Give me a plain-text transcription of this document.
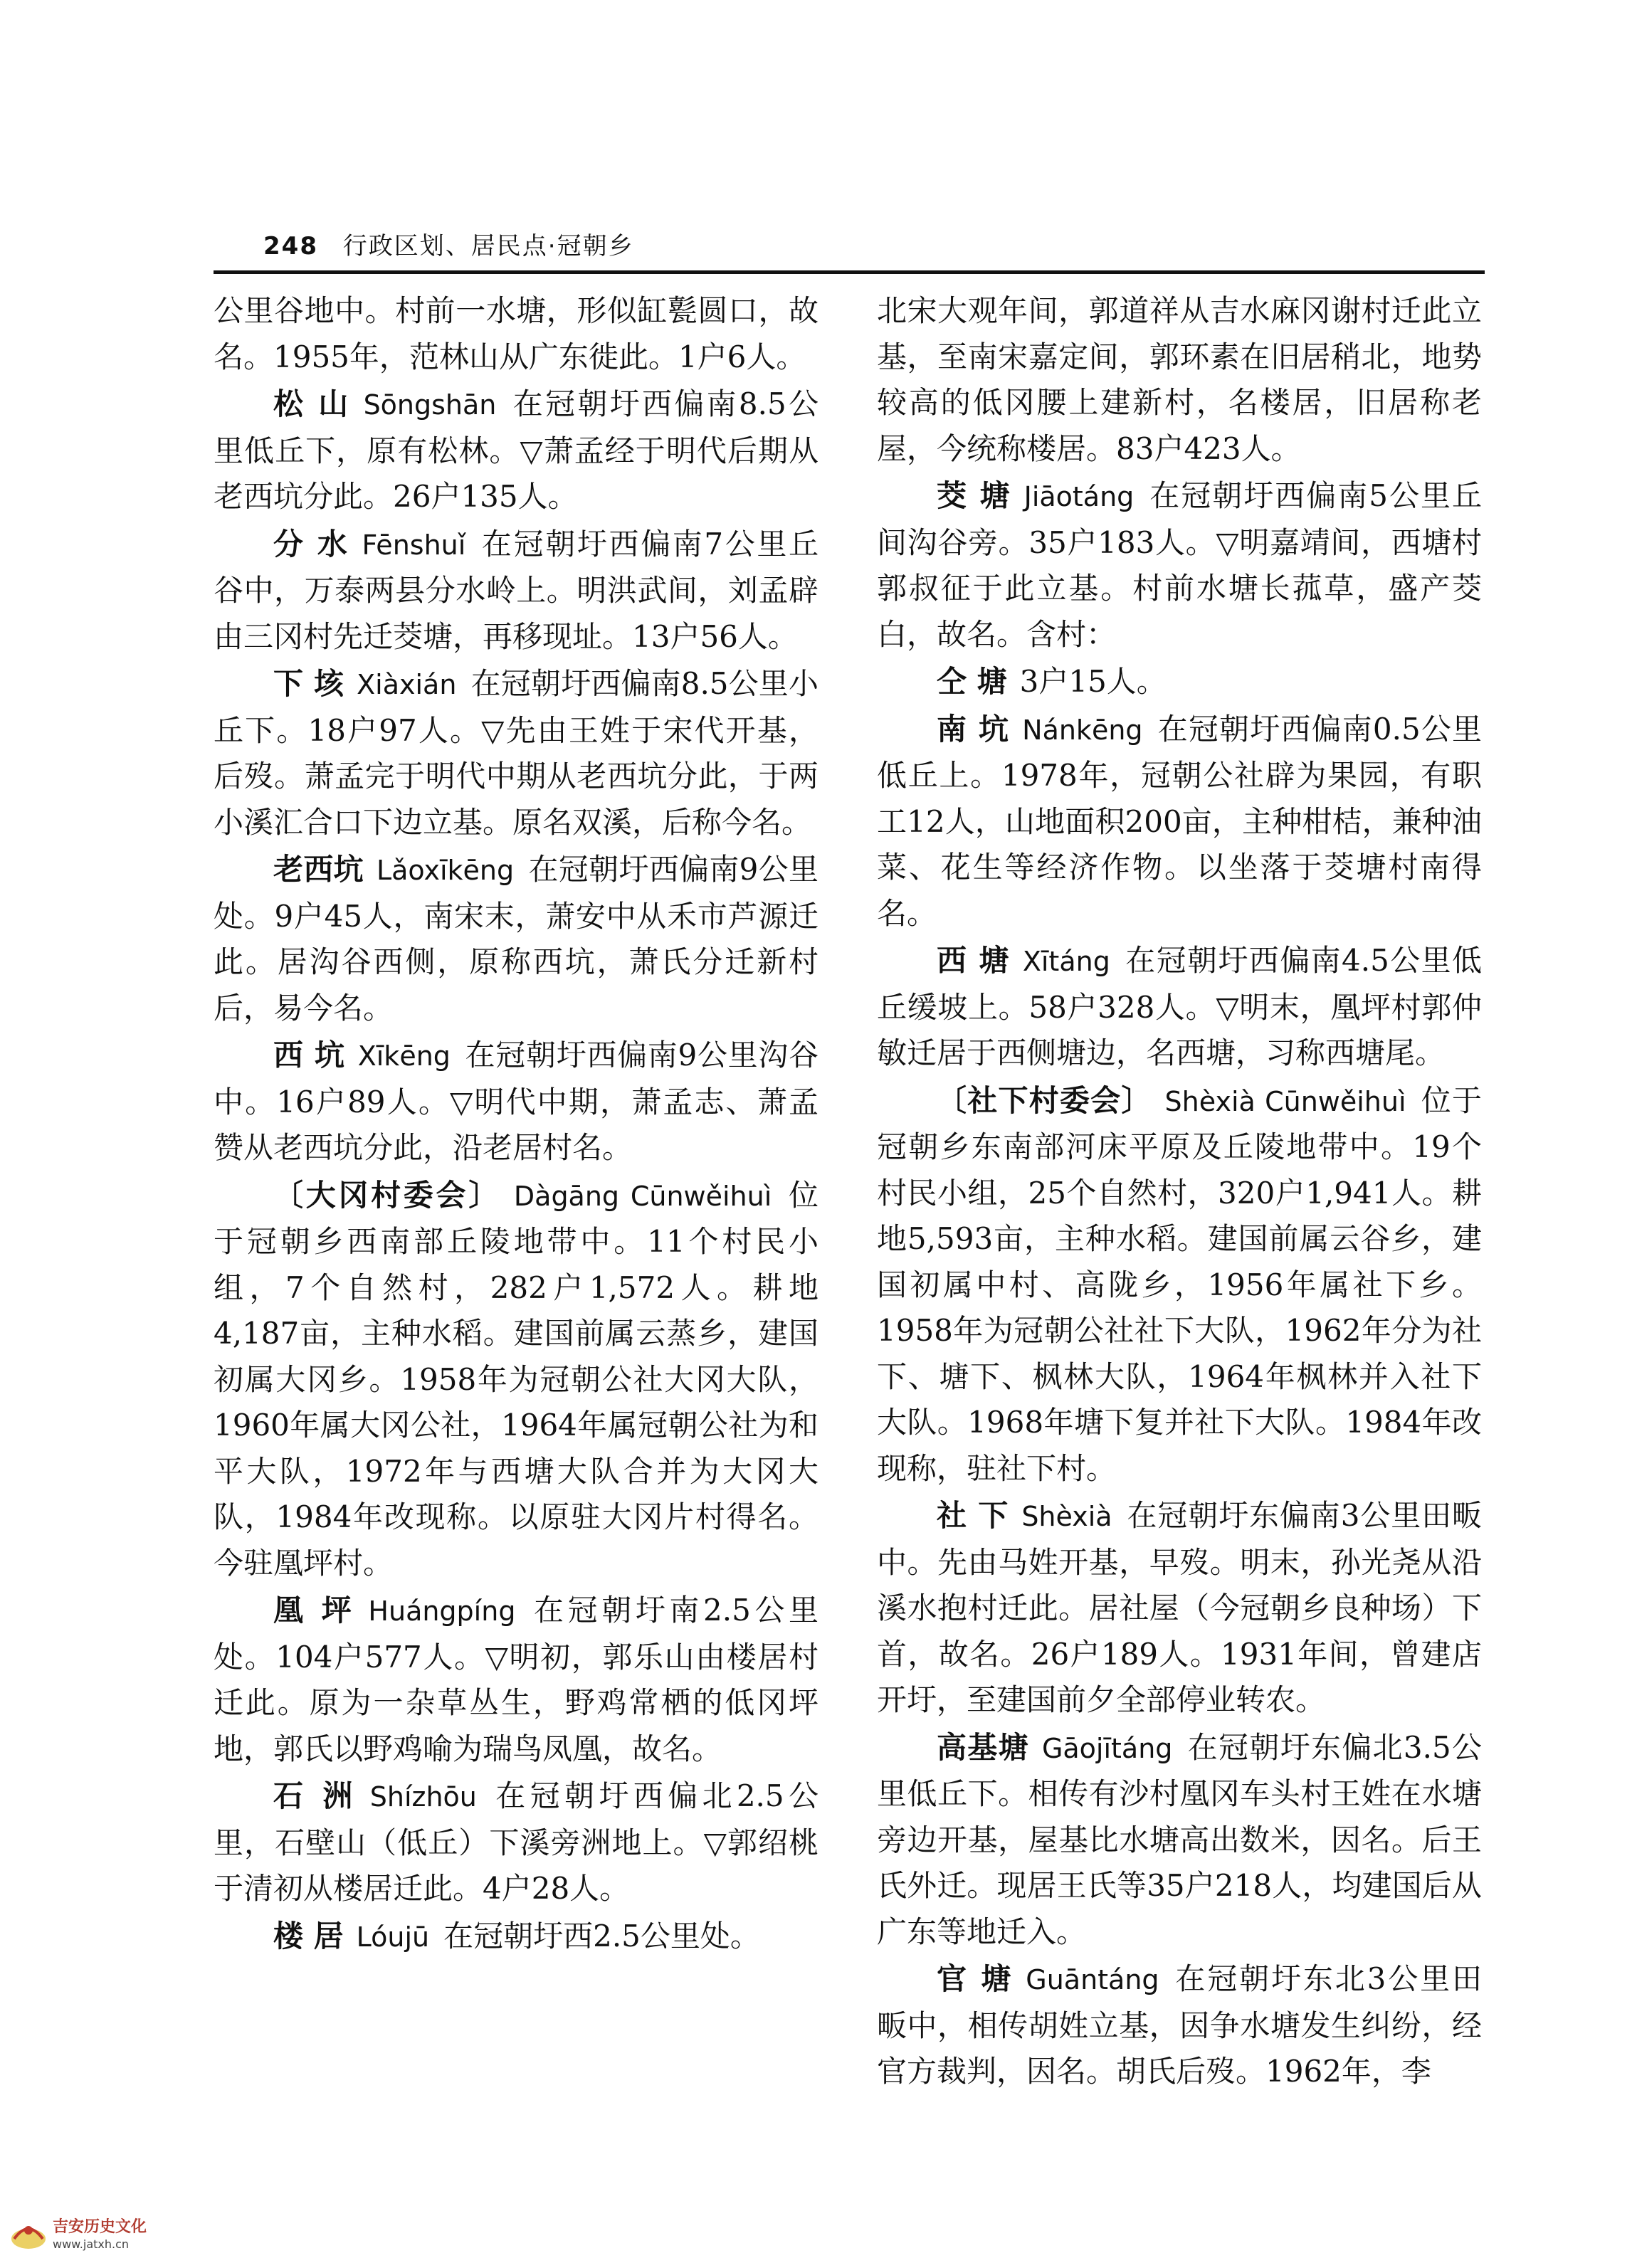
248 行政区划、居民点·冠朝乡

公里谷地中。村前一水塘，形似缸甏圆口，故名。1955年，范林山从广东徙此。1户6人。

松 山 Sōngshān 在冠朝圩西偏南8.5公里低丘下，原有松林。▽萧孟经于明代后期从老西坑分此。26户135人。

分 水 Fēnshuǐ 在冠朝圩西偏南7公里丘谷中，万泰两县分水岭上。明洪武间，刘孟辟由三冈村先迁茭塘，再移现址。13户56人。

下 垓 Xiàxián 在冠朝圩西偏南8.5公里小丘下。18户97人。▽先由王姓于宋代开基，后歿。萧孟完于明代中期从老西坑分此，于两小溪汇合口下边立基。原名双溪，后称今名。

老西坑 Lǎoxīkēng 在冠朝圩西偏南9公里处。9户45人，南宋末，萧安中从禾市芦源迁此。居沟谷西侧，原称西坑，萧氏分迁新村后，易今名。

西 坑 Xīkēng 在冠朝圩西偏南9公里沟谷中。16户89人。▽明代中期，萧孟志、萧孟赞从老西坑分此，沿老居村名。

〔大冈村委会〕 Dàgāng Cūnwěihuì 位于冠朝乡西南部丘陵地带中。11个村民小组，7个自然村，282户1,572人。耕地4,187亩，主种水稻。建国前属云蒸乡，建国初属大冈乡。1958年为冠朝公社大冈大队，1960年属大冈公社，1964年属冠朝公社为和平大队，1972年与西塘大队合并为大冈大队，1984年改现称。以原驻大冈片村得名。今驻凰坪村。

凰 坪 Huángpíng 在冠朝圩南2.5公里处。104户577人。▽明初，郭乐山由楼居村迁此。原为一杂草丛生，野鸡常栖的低冈坪地，郭氏以野鸡喻为瑞鸟凤凰，故名。

石 洲 Shízhōu 在冠朝圩西偏北2.5公里，石壁山（低丘）下溪旁洲地上。▽郭绍桃于清初从楼居迁此。4户28人。

楼 居 Lóujū 在冠朝圩西2.5公里处。

北宋大观年间，郭道祥从吉水麻冈谢村迁此立基，至南宋嘉定间，郭环素在旧居稍北，地势较高的低冈腰上建新村，名楼居，旧居称老屋，今统称楼居。83户423人。

茭 塘 Jiāotáng 在冠朝圩西偏南5公里丘间沟谷旁。35户183人。▽明嘉靖间，西塘村郭叔征于此立基。村前水塘长菰草，盛产茭白，故名。含村：

仝 塘 3户15人。

南 坑 Nánkēng 在冠朝圩西偏南0.5公里低丘上。1978年，冠朝公社辟为果园，有职工12人，山地面积200亩，主种柑桔，兼种油菜、花生等经济作物。以坐落于茭塘村南得名。

西 塘 Xītáng 在冠朝圩西偏南4.5公里低丘缓坡上。58户328人。▽明末，凰坪村郭仲敏迁居于西侧塘边，名西塘，习称西塘尾。

〔社下村委会〕 Shèxià Cūnwěihuì 位于冠朝乡东南部河床平原及丘陵地带中。19个村民小组，25个自然村，320户1,941人。耕地5,593亩，主种水稻。建国前属云谷乡，建国初属中村、高陇乡，1956年属社下乡。1958年为冠朝公社社下大队，1962年分为社下、塘下、枫林大队，1964年枫林并入社下大队。1968年塘下复并社下大队。1984年改现称，驻社下村。

社 下 Shèxià 在冠朝圩东偏南3公里田畈中。先由马姓开基，早歿。明末，孙光尧从沿溪水抱村迁此。居社屋（今冠朝乡良种场）下首，故名。26户189人。1931年间，曾建店开圩，至建国前夕全部停业转农。

高基塘 Gāojītáng 在冠朝圩东偏北3.5公里低丘下。相传有沙村凰冈车头村王姓在水塘旁边开基，屋基比水塘高出数米，因名。后王氏外迁。现居王氏等35户218人，均建国后从广东等地迁入。

官 塘 Guāntáng 在冠朝圩东北3公里田畈中，相传胡姓立基，因争水塘发生纠纷，经官方裁判，因名。胡氏后歿。1962年，李

吉安历史文化
www.jatxh.cn
